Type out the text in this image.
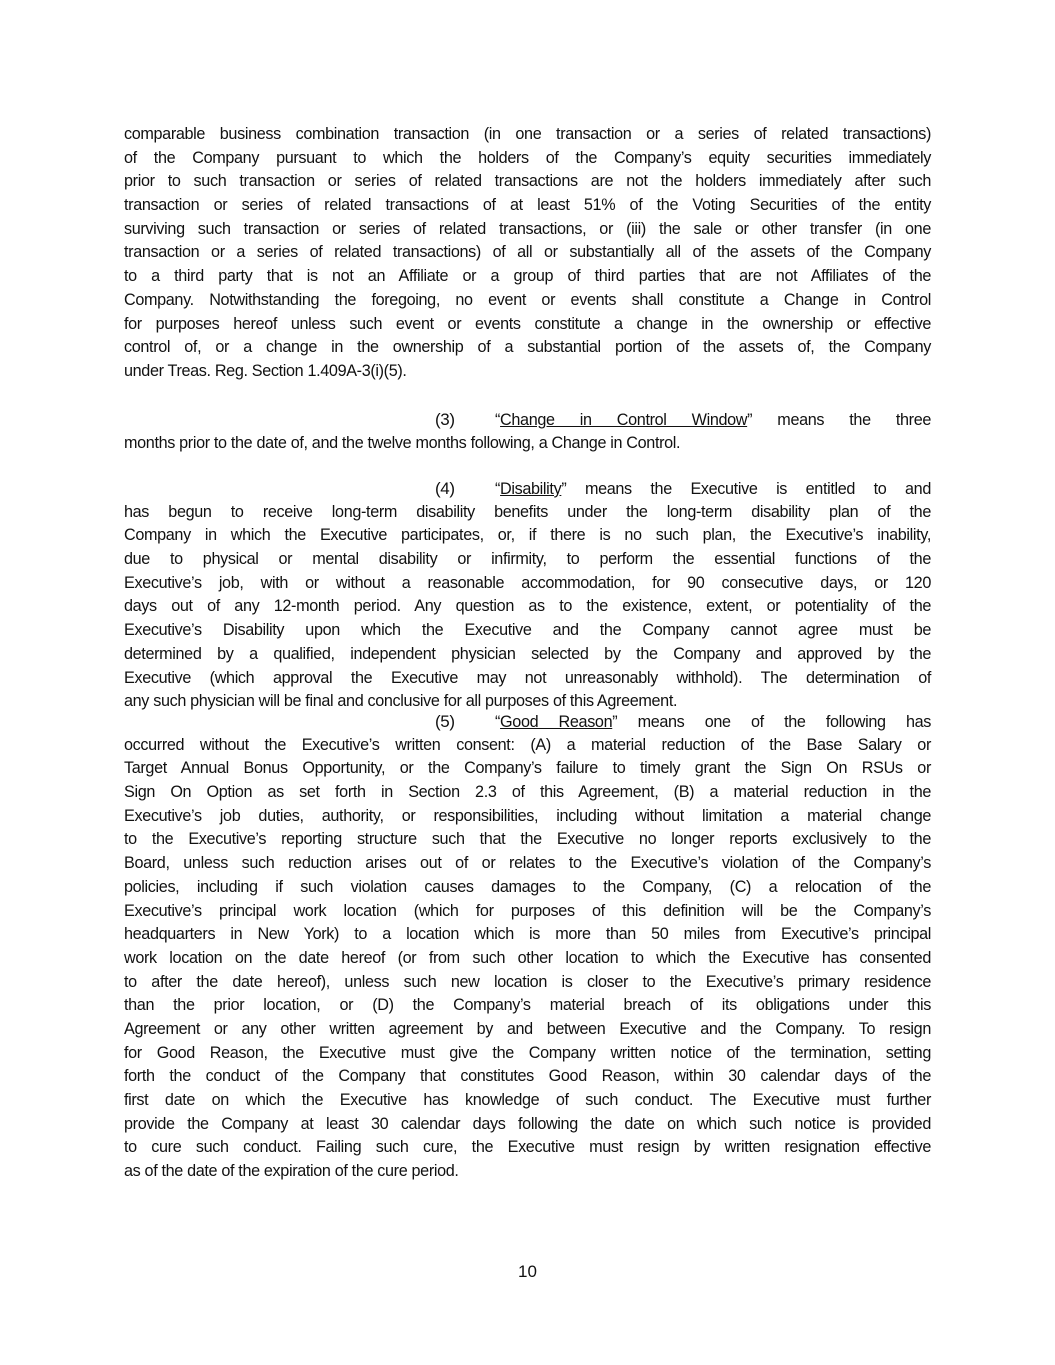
comparable business combination transaction (in one transaction or a series of related transactions)
of the Company pursuant to which the holders of the Company’s equity securities immediately
prior to such transaction or series of related transactions are not the holders immediately after such
transaction or series of related transactions of at least 51% of the Voting Securities of the entity
surviving such transaction or series of related transactions, or (iii) the sale or other transfer (in one
transaction or a series of related transactions) of all or substantially all of the assets of the Company
to a third party that is not an Affiliate or a group of third parties that are not Affiliates of the
Company. Notwithstanding the foregoing, no event or events shall constitute a Change in Control
for purposes hereof unless such event or events constitute a change in the ownership or effective
control of, or a change in the ownership of a substantial portion of the assets of, the Company
under Treas. Reg. Section 1.409A-3(i)(5).
(3) “Change in Control Window” means the three
months prior to the date of, and the twelve months following, a Change in Control.
(4) “Disability” means the Executive is entitled to and
has begun to receive long-term disability benefits under the long-term disability plan of the
Company in which the Executive participates, or, if there is no such plan, the Executive’s inability,
due to physical or mental disability or infirmity, to perform the essential functions of the
Executive’s job, with or without a reasonable accommodation, for 90 consecutive days, or 120
days out of any 12-month period. Any question as to the existence, extent, or potentiality of the
Executive’s Disability upon which the Executive and the Company cannot agree must be
determined by a qualified, independent physician selected by the Company and approved by the
Executive (which approval the Executive may not unreasonably withhold). The determination of
any such physician will be final and conclusive for all purposes of this Agreement.
(5) “Good Reason” means one of the following has
occurred without the Executive’s written consent: (A) a material reduction of the Base Salary or
Target Annual Bonus Opportunity, or the Company’s failure to timely grant the Sign On RSUs or
Sign On Option as set forth in Section 2.3 of this Agreement, (B) a material reduction in the
Executive’s job duties, authority, or responsibilities, including without limitation a material change
to the Executive’s reporting structure such that the Executive no longer reports exclusively to the
Board, unless such reduction arises out of or relates to the Executive’s violation of the Company’s
policies, including if such violation causes damages to the Company, (C) a relocation of the
Executive’s principal work location (which for purposes of this definition will be the Company’s
headquarters in New York) to a location which is more than 50 miles from Executive’s principal
work location on the date hereof (or from such other location to which the Executive has consented
to after the date hereof), unless such new location is closer to the Executive’s primary residence
than the prior location, or (D) the Company’s material breach of its obligations under this
Agreement or any other written agreement by and between Executive and the Company. To resign
for Good Reason, the Executive must give the Company written notice of the termination, setting
forth the conduct of the Company that constitutes Good Reason, within 30 calendar days of the
first date on which the Executive has knowledge of such conduct. The Executive must further
provide the Company at least 30 calendar days following the date on which such notice is provided
to cure such conduct. Failing such cure, the Executive must resign by written resignation effective
as of the date of the expiration of the cure period.
10
